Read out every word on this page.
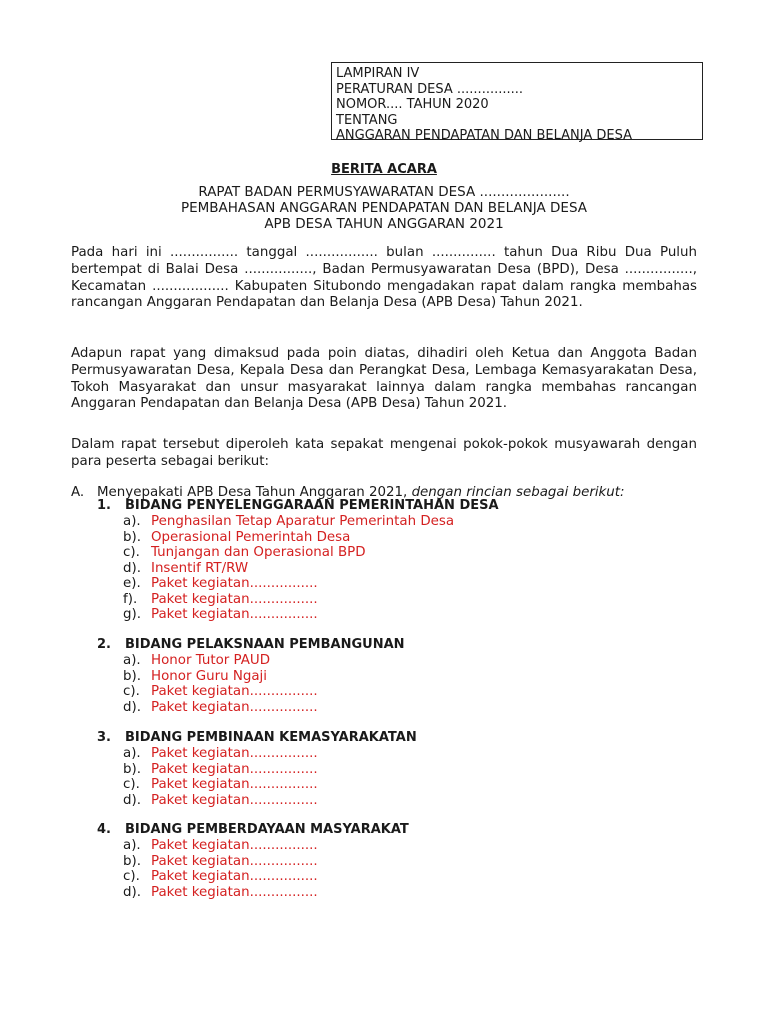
LAMPIRAN IV
PERATURAN DESA ................
NOMOR.... TAHUN 2020
TENTANG
ANGGARAN PENDAPATAN DAN BELANJA DESA
BERITA ACARA
RAPAT BADAN PERMUSYAWARATAN DESA .....................
PEMBAHASAN ANGGARAN PENDAPATAN DAN BELANJA DESA
APB DESA TAHUN ANGGARAN 2021
Pada hari ini ................ tanggal ................. bulan ............... tahun Dua Ribu Dua Puluh bertempat di Balai Desa ................, Badan Permusyawaratan Desa (BPD), Desa ................, Kecamatan .................. Kabupaten Situbondo mengadakan rapat dalam rangka membahas rancangan Anggaran Pendapatan dan Belanja Desa (APB Desa) Tahun 2021.
Adapun rapat yang dimaksud pada poin diatas, dihadiri oleh Ketua dan Anggota Badan Permusyawaratan Desa, Kepala Desa dan Perangkat Desa, Lembaga Kemasyarakatan Desa, Tokoh Masyarakat dan unsur masyarakat lainnya dalam rangka membahas rancangan Anggaran Pendapatan dan Belanja Desa (APB Desa) Tahun 2021.
Dalam rapat tersebut diperoleh kata sepakat mengenai pokok-pokok musyawarah dengan para peserta sebagai berikut:
A. Menyepakati APB Desa Tahun Anggaran 2021, dengan rincian sebagai berikut:
1. BIDANG PENYELENGGARAAN PEMERINTAHAN DESA
a). Penghasilan Tetap Aparatur Pemerintah Desa
b). Operasional Pemerintah Desa
c). Tunjangan dan Operasional BPD
d). Insentif RT/RW
e). Paket kegiatan................
f).	Paket kegiatan................
g). Paket kegiatan................
2. BIDANG PELAKSNAAN PEMBANGUNAN
a). Honor Tutor PAUD
b). Honor Guru Ngaji
c). Paket kegiatan................
d). Paket kegiatan................
3. BIDANG PEMBINAAN KEMASYARAKATAN
a). Paket kegiatan................
b). Paket kegiatan................
c). Paket kegiatan................
d). Paket kegiatan................
4. BIDANG PEMBERDAYAAN MASYARAKAT
a). Paket kegiatan................
b). Paket kegiatan................
c). Paket kegiatan................
d). Paket kegiatan................
